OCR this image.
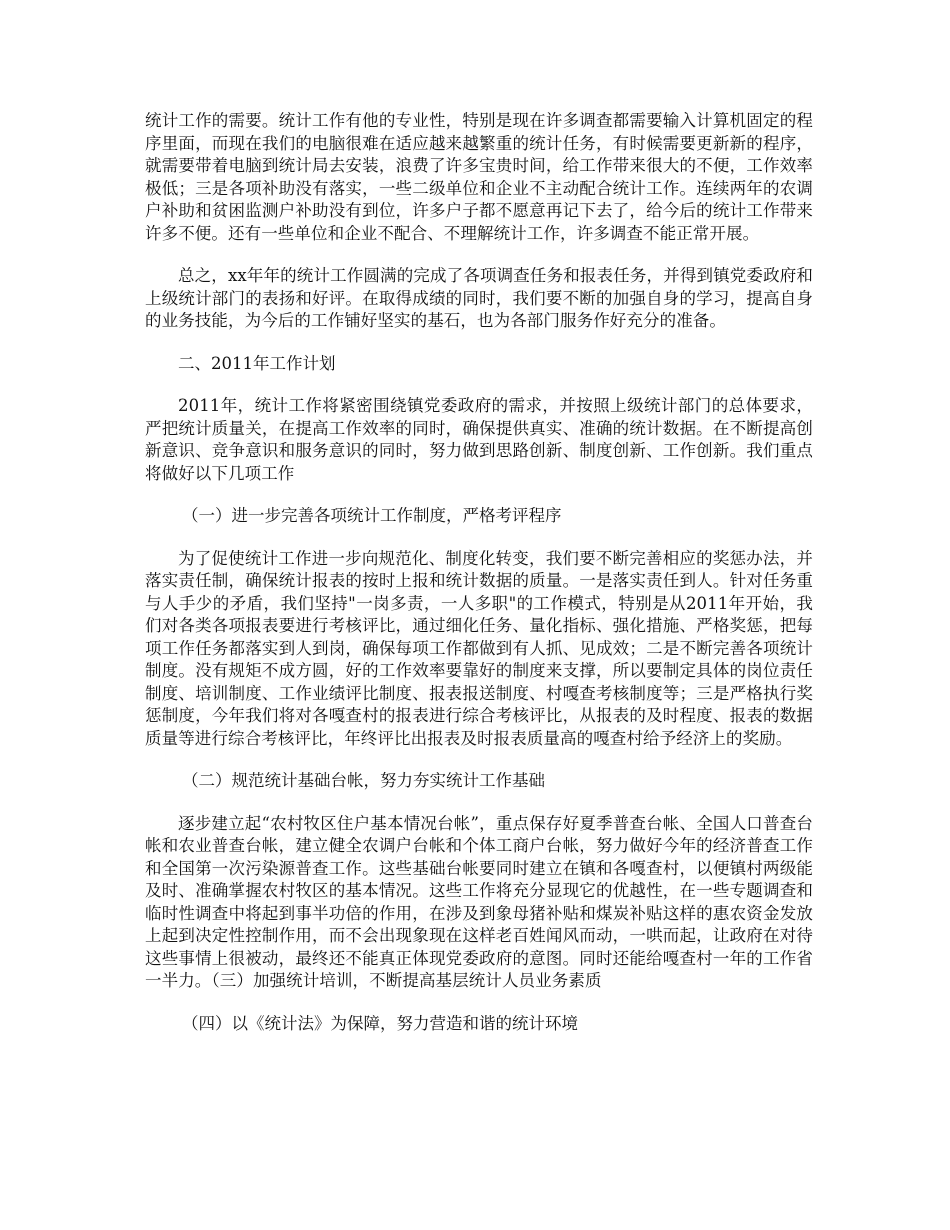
统计工作的需要。统计工作有他的专业性，特别是现在许多调查都需要输入计算机固定的程序里面，而现在我们的电脑很难在适应越来越繁重的统计任务，有时候需要更新新的程序，就需要带着电脑到统计局去安装，浪费了许多宝贵时间，给工作带来很大的不便，工作效率极低；三是各项补助没有落实，一些二级单位和企业不主动配合统计工作。连续两年的农调户补助和贫困监测户补助没有到位，许多户子都不愿意再记下去了，给今后的统计工作带来许多不便。还有一些单位和企业不配合、不理解统计工作，许多调查不能正常开展。

总之，xx年年的统计工作圆满的完成了各项调查任务和报表任务，并得到镇党委政府和上级统计部门的表扬和好评。在取得成绩的同时，我们要不断的加强自身的学习，提高自身的业务技能，为今后的工作铺好坚实的基石，也为各部门服务作好充分的准备。

二、2011年工作计划

2011年，统计工作将紧密围绕镇党委政府的需求，并按照上级统计部门的总体要求，严把统计质量关，在提高工作效率的同时，确保提供真实、准确的统计数据。在不断提高创新意识、竞争意识和服务意识的同时，努力做到思路创新、制度创新、工作创新。我们重点将做好以下几项工作

（一）进一步完善各项统计工作制度，严格考评程序

为了促使统计工作进一步向规范化、制度化转变，我们要不断完善相应的奖惩办法，并落实责任制，确保统计报表的按时上报和统计数据的质量。一是落实责任到人。针对任务重与人手少的矛盾，我们坚持"一岗多责，一人多职"的工作模式，特别是从2011年开始，我们对各类各项报表要进行考核评比，通过细化任务、量化指标、强化措施、严格奖惩，把每项工作任务都落实到人到岗，确保每项工作都做到有人抓、见成效；二是不断完善各项统计制度。没有规矩不成方圆，好的工作效率要靠好的制度来支撑，所以要制定具体的岗位责任制度、培训制度、工作业绩评比制度、报表报送制度、村嘎查考核制度等；三是严格执行奖惩制度，今年我们将对各嘎查村的报表进行综合考核评比，从报表的及时程度、报表的数据质量等进行综合考核评比，年终评比出报表及时报表质量高的嘎查村给予经济上的奖励。

（二）规范统计基础台帐，努力夯实统计工作基础

逐步建立起“农村牧区住户基本情况台帐”，重点保存好夏季普查台帐、全国人口普查台帐和农业普查台帐，建立健全农调户台帐和个体工商户台帐，努力做好今年的经济普查工作和全国第一次污染源普查工作。这些基础台帐要同时建立在镇和各嘎查村，以便镇村两级能及时、准确掌握农村牧区的基本情况。这些工作将充分显现它的优越性，在一些专题调查和临时性调查中将起到事半功倍的作用，在涉及到象母猪补贴和煤炭补贴这样的惠农资金发放上起到决定性控制作用，而不会出现象现在这样老百姓闻风而动，一哄而起，让政府在对待这些事情上很被动，最终还不能真正体现党委政府的意图。同时还能给嘎查村一年的工作省一半力。（三）加强统计培训，不断提高基层统计人员业务素质

（四）以《统计法》为保障，努力营造和谐的统计环境
